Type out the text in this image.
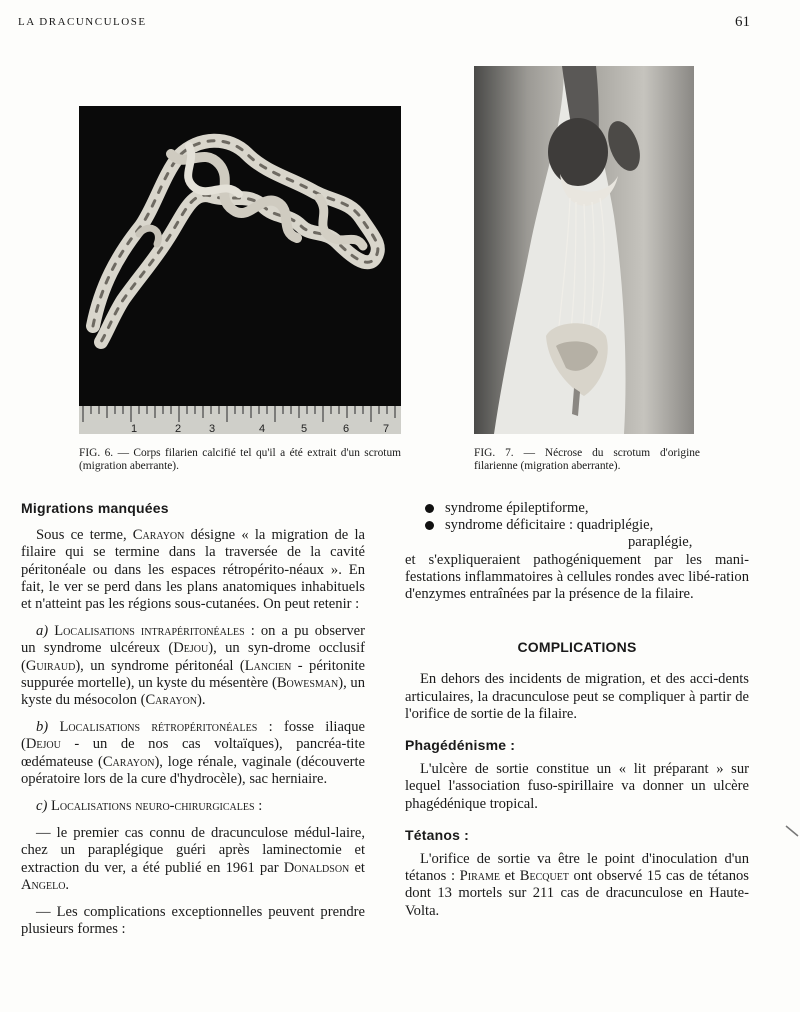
LA DRACUNCULOSE	61
1	2	3	4	5	6	7
FIG. 6. — Corps filarien calcifié tel qu'il a été extrait d'un scrotum (migration aberrante).
FIG. 7. — Nécrose du scrotum d'origine filarienne (migration aberrante).
Migrations manquées

Sous ce terme, Carayon désigne « la migration de la filaire qui se termine dans la traversée de la cavité péritonéale ou dans les espaces rétropérito-néaux ». En fait, le ver se perd dans les plans anatomiques inhabituels et n'atteint pas les régions sous-cutanées. On peut retenir :

a) Localisations intrapéritonéales : on a pu observer un syndrome ulcéreux (Dejou), un syn-drome occlusif (Guiraud), un syndrome péritonéal (Lancien - péritonite suppurée mortelle), un kyste du mésentère (Bowesman), un kyste du mésocolon (Carayon).

b) Localisations rétropéritonéales : fosse iliaque (Dejou - un de nos cas voltaïques), pancréa-tite œdémateuse (Carayon), loge rénale, vaginale (découverte opératoire lors de la cure d'hydrocèle), sac herniaire.

c) Localisations neuro-chirurgicales :

— le premier cas connu de dracunculose médul-laire, chez un paraplégique guéri après laminectomie et extraction du ver, a été publié en 1961 par Donaldson et Angelo.

— Les complications exceptionnelles peuvent prendre plusieurs formes :

syndrome épileptiforme,
syndrome déficitaire : quadriplégie,
paraplégie,

et s'expliqueraient pathogéniquement par les mani-festations inflammatoires à cellules rondes avec libé-ration d'enzymes entraînées par la présence de la filaire.

COMPLICATIONS

En dehors des incidents de migration, et des acci-dents articulaires, la dracunculose peut se compliquer à partir de l'orifice de sortie de la filaire.

Phagédénisme :

L'ulcère de sortie constitue un « lit préparant » sur lequel l'association fuso-spirillaire va donner un ulcère phagédénique tropical.

Tétanos :

L'orifice de sortie va être le point d'inoculation d'un tétanos : Pirame et Becquet ont observé 15 cas de tétanos dont 13 mortels sur 211 cas de dracunculose en Haute-Volta.
